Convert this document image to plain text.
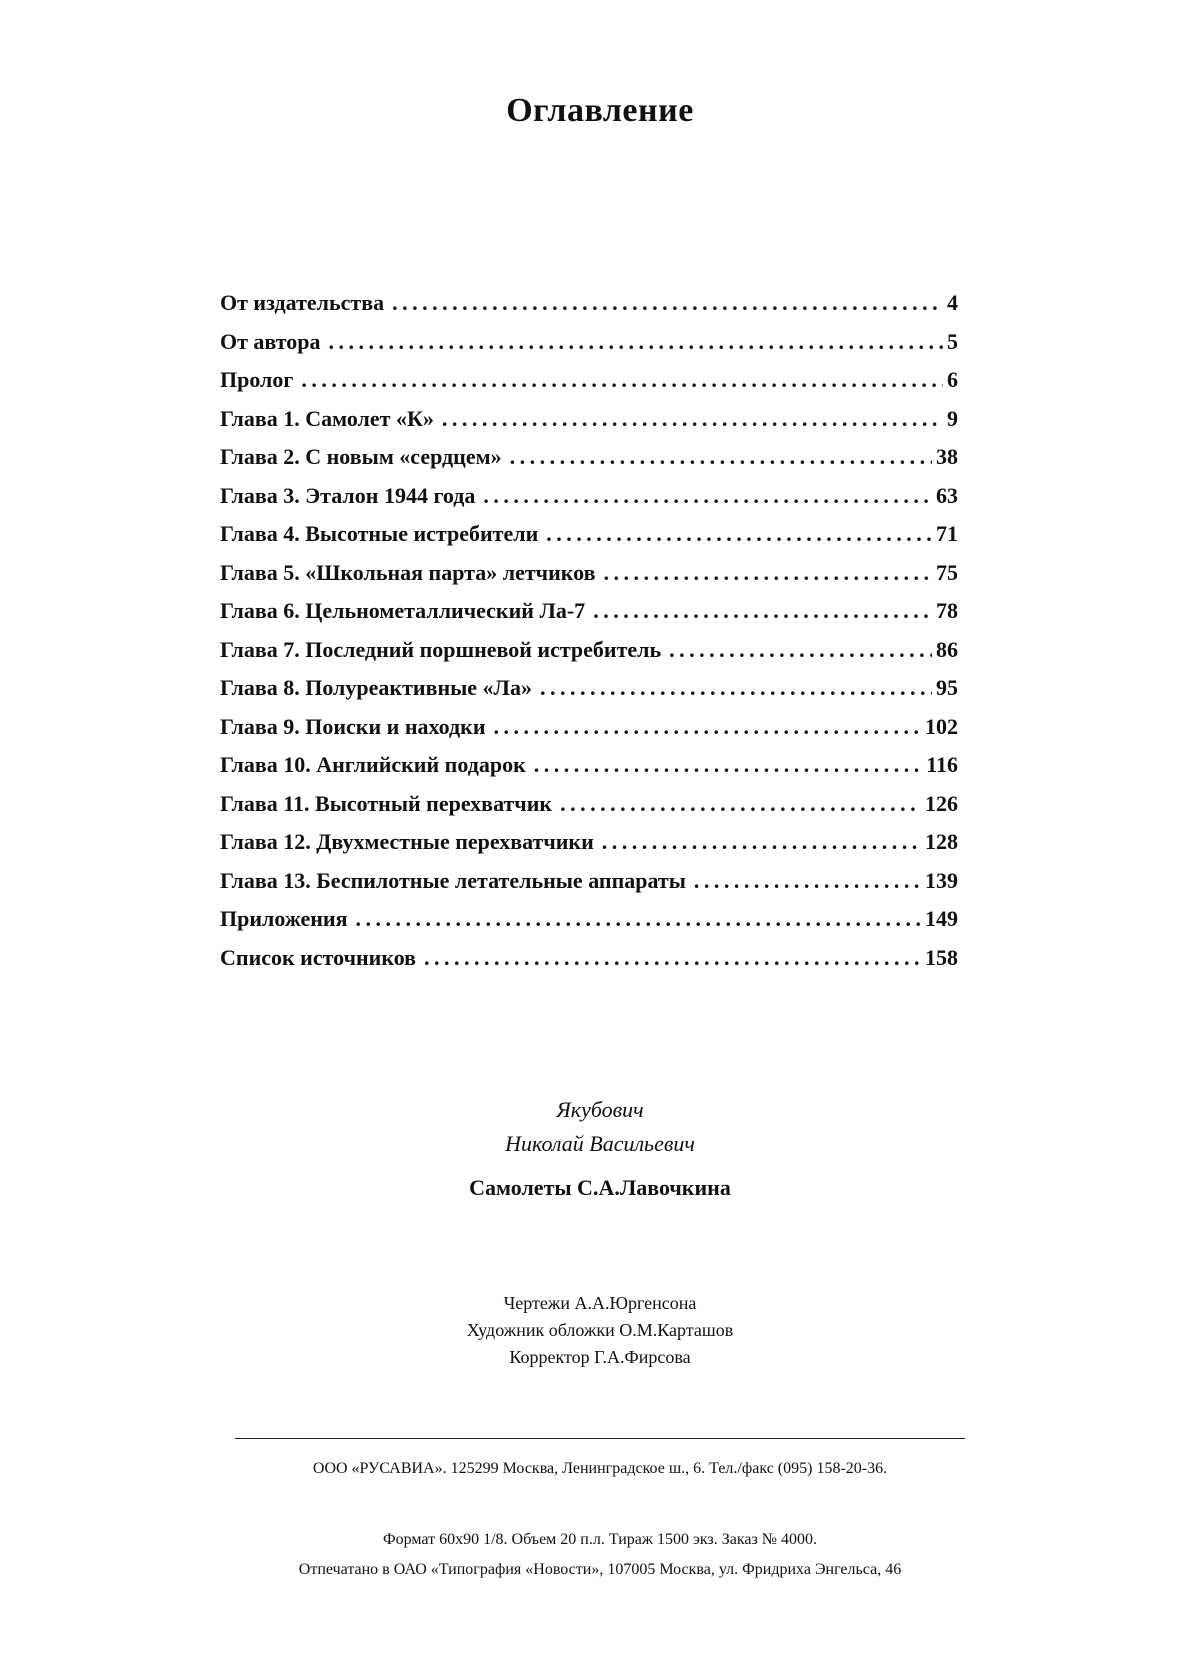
Оглавление
От издательства . . .	4
От автора . . .	5
Пролог . . .	6
Глава 1. Самолет «К» . . .	9
Глава 2. С новым «сердцем» . . .	38
Глава 3. Эталон 1944 года . . .	63
Глава 4. Высотные истребители . . .	71
Глава 5. «Школьная парта» летчиков . . .	75
Глава 6. Цельнометаллический Ла-7 . . .	78
Глава 7. Последний поршневой истребитель . . .	86
Глава 8. Полуреактивные «Ла» . . .	95
Глава 9. Поиски и находки . . .	102
Глава 10. Английский подарок . . .	116
Глава 11. Высотный перехватчик . . .	126
Глава 12. Двухместные перехватчики . . .	128
Глава 13. Беспилотные летательные аппараты . . .	139
Приложения . . .	149
Список источников . . .	158
Якубович
Николай Васильевич
Самолеты С.А.Лавочкина
Чертежи А.А.Юргенсона
Художник обложки О.М.Карташов
Корректор Г.А.Фирсова
ООО «РУСАВИА». 125299 Москва, Ленинградское ш., 6. Тел./факс (095) 158-20-36.
Формат 60х90 1/8. Объем 20 п.л. Тираж 1500 экз. Заказ № 4000.
Отпечатано в ОАО «Типография «Новости», 107005 Москва, ул. Фридриха Энгельса, 46
